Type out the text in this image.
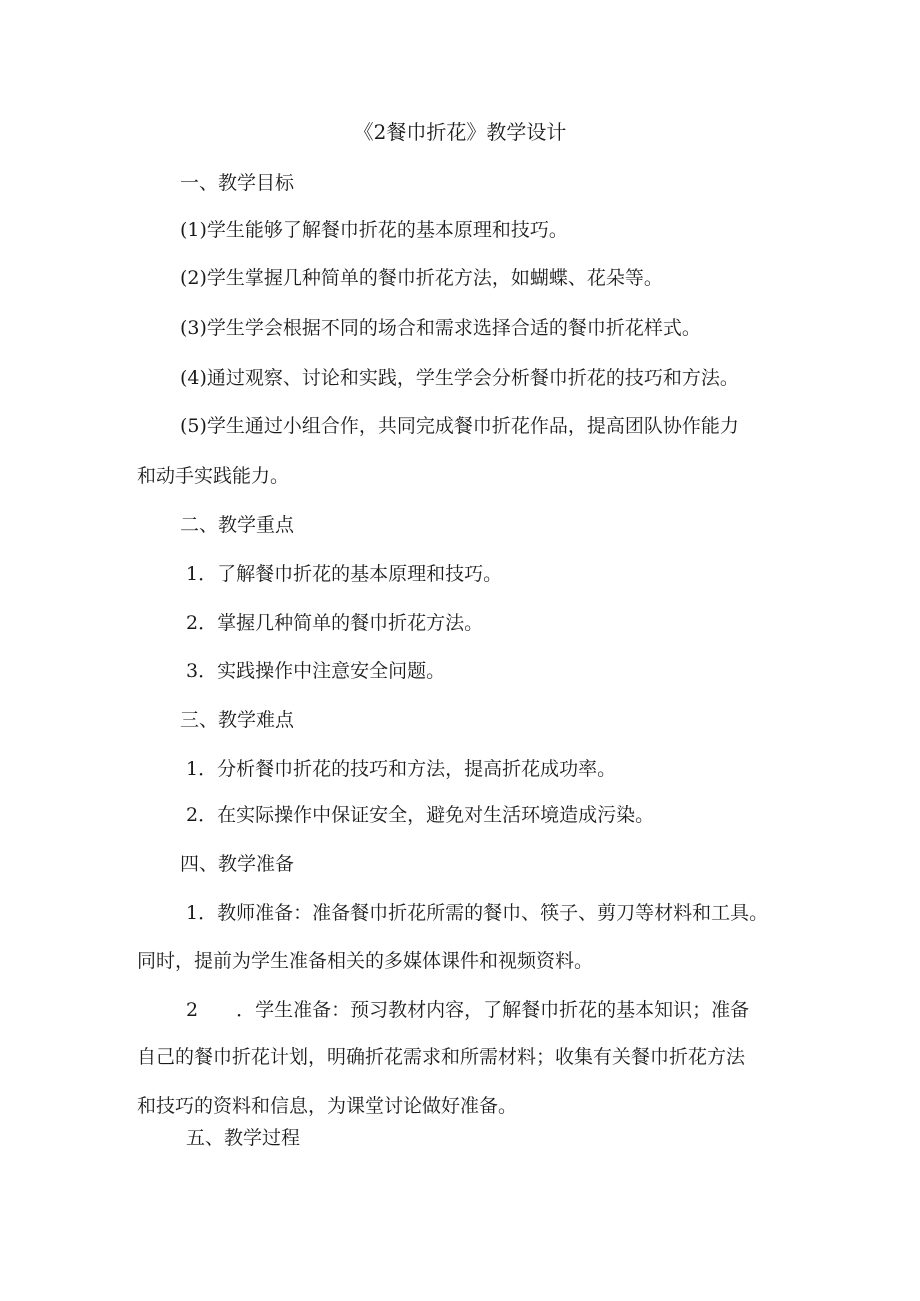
《2餐巾折花》教学设计
一、教学目标
(1)学生能够了解餐巾折花的基本原理和技巧。
(2)学生掌握几种简单的餐巾折花方法，如蝴蝶、花朵等。
(3)学生学会根据不同的场合和需求选择合适的餐巾折花样式。
(4)通过观察、讨论和实践，学生学会分析餐巾折花的技巧和方法。
(5)学生通过小组合作，共同完成餐巾折花作品，提高团队协作能力
和动手实践能力。
二、教学重点
1．了解餐巾折花的基本原理和技巧。
2．掌握几种简单的餐巾折花方法。
3．实践操作中注意安全问题。
三、教学难点
1．分析餐巾折花的技巧和方法，提高折花成功率。
2．在实际操作中保证安全，避免对生活环境造成污染。
四、教学准备
1．教师准备：准备餐巾折花所需的餐巾、筷子、剪刀等材料和工具。
同时，提前为学生准备相关的多媒体课件和视频资料。
2　　．学生准备：预习教材内容，了解餐巾折花的基本知识；准备
自己的餐巾折花计划，明确折花需求和所需材料；收集有关餐巾折花方法
和技巧的资料和信息，为课堂讨论做好准备。
五、教学过程
